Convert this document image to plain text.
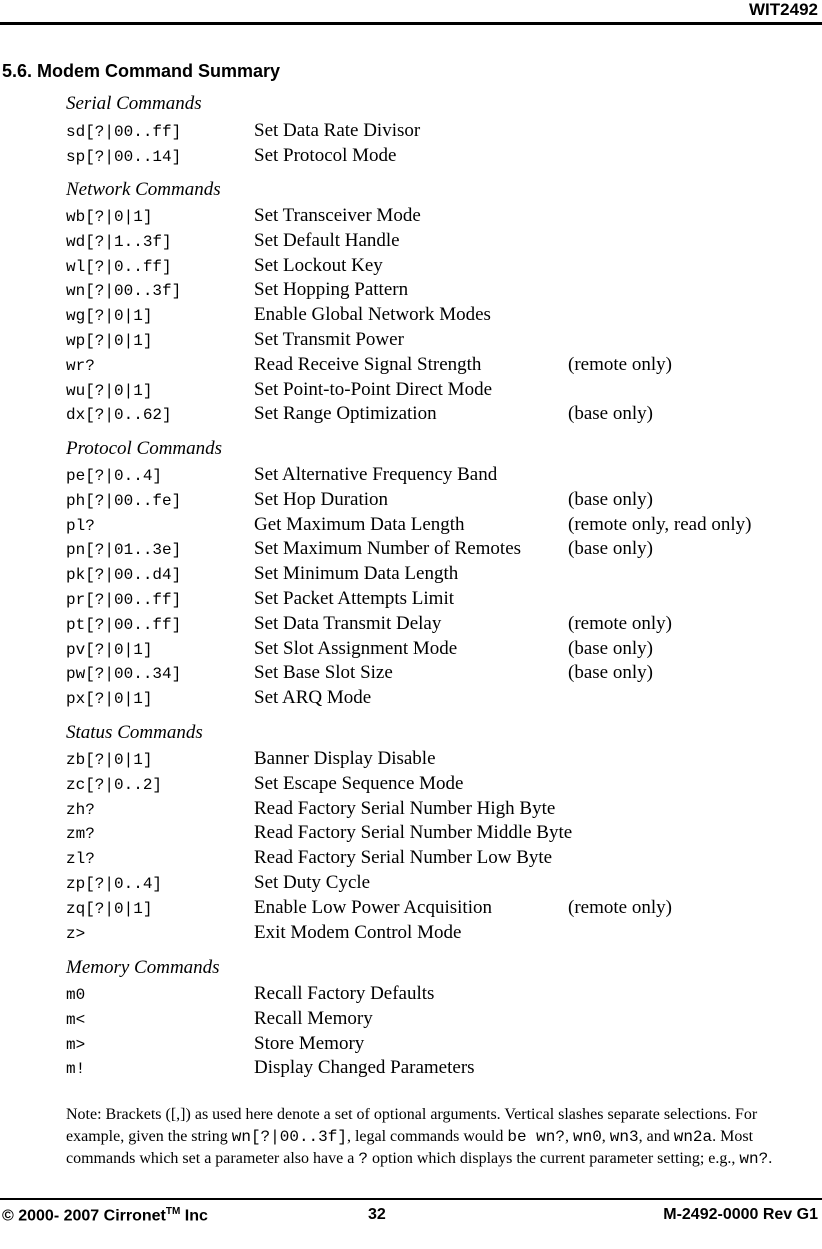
WIT2492
5.6. Modem Command Summary
Serial Commands
sd[?|00..ff]	Set Data Rate Divisor
sp[?|00..14]	Set Protocol Mode
Network Commands
wb[?|0|1]	Set Transceiver Mode
wd[?|1..3f]	Set Default Handle
wl[?|0..ff]	Set Lockout Key
wn[?|00..3f]	Set Hopping Pattern
wg[?|0|1]	Enable Global Network Modes
wp[?|0|1]	Set Transmit Power
wr?	Read Receive Signal Strength	(remote only)
wu[?|0|1]	Set Point-to-Point Direct Mode
dx[?|0..62]	Set Range Optimization	(base only)
Protocol Commands
pe[?|0..4]	Set Alternative Frequency Band
ph[?|00..fe]	Set Hop Duration	(base only)
pl?	Get Maximum Data Length	(remote only, read only)
pn[?|01..3e]	Set Maximum Number of Remotes (base only)
pk[?|00..d4]	Set Minimum Data Length
pr[?|00..ff]	Set Packet Attempts Limit
pt[?|00..ff]	Set Data Transmit Delay	(remote only)
pv[?|0|1]	Set Slot Assignment Mode	(base only)
pw[?|00..34]	Set Base Slot Size	(base only)
px[?|0|1]	Set ARQ Mode
Status Commands
zb[?|0|1]	Banner Display Disable
zc[?|0..2]	Set Escape Sequence Mode
zh?	Read Factory Serial Number High Byte
zm?	Read Factory Serial Number Middle Byte
zl?	Read Factory Serial Number Low Byte
zp[?|0..4]	Set Duty Cycle
zq[?|0|1]	Enable Low Power Acquisition	(remote only)
z>	Exit Modem Control Mode
Memory Commands
m0	Recall Factory Defaults
m<	Recall Memory
m>	Store Memory
m!	Display Changed Parameters
Note: Brackets ([,]) as used here denote a set of optional arguments. Vertical slashes separate selections. For example, given the string wn[?|00..3f], legal commands would be wn?, wn0, wn3, and wn2a. Most commands which set a parameter also have a ? option which displays the current parameter setting; e.g., wn?.
© 2000- 2007 Cirronet™ Inc	32	M-2492-0000 Rev G1
